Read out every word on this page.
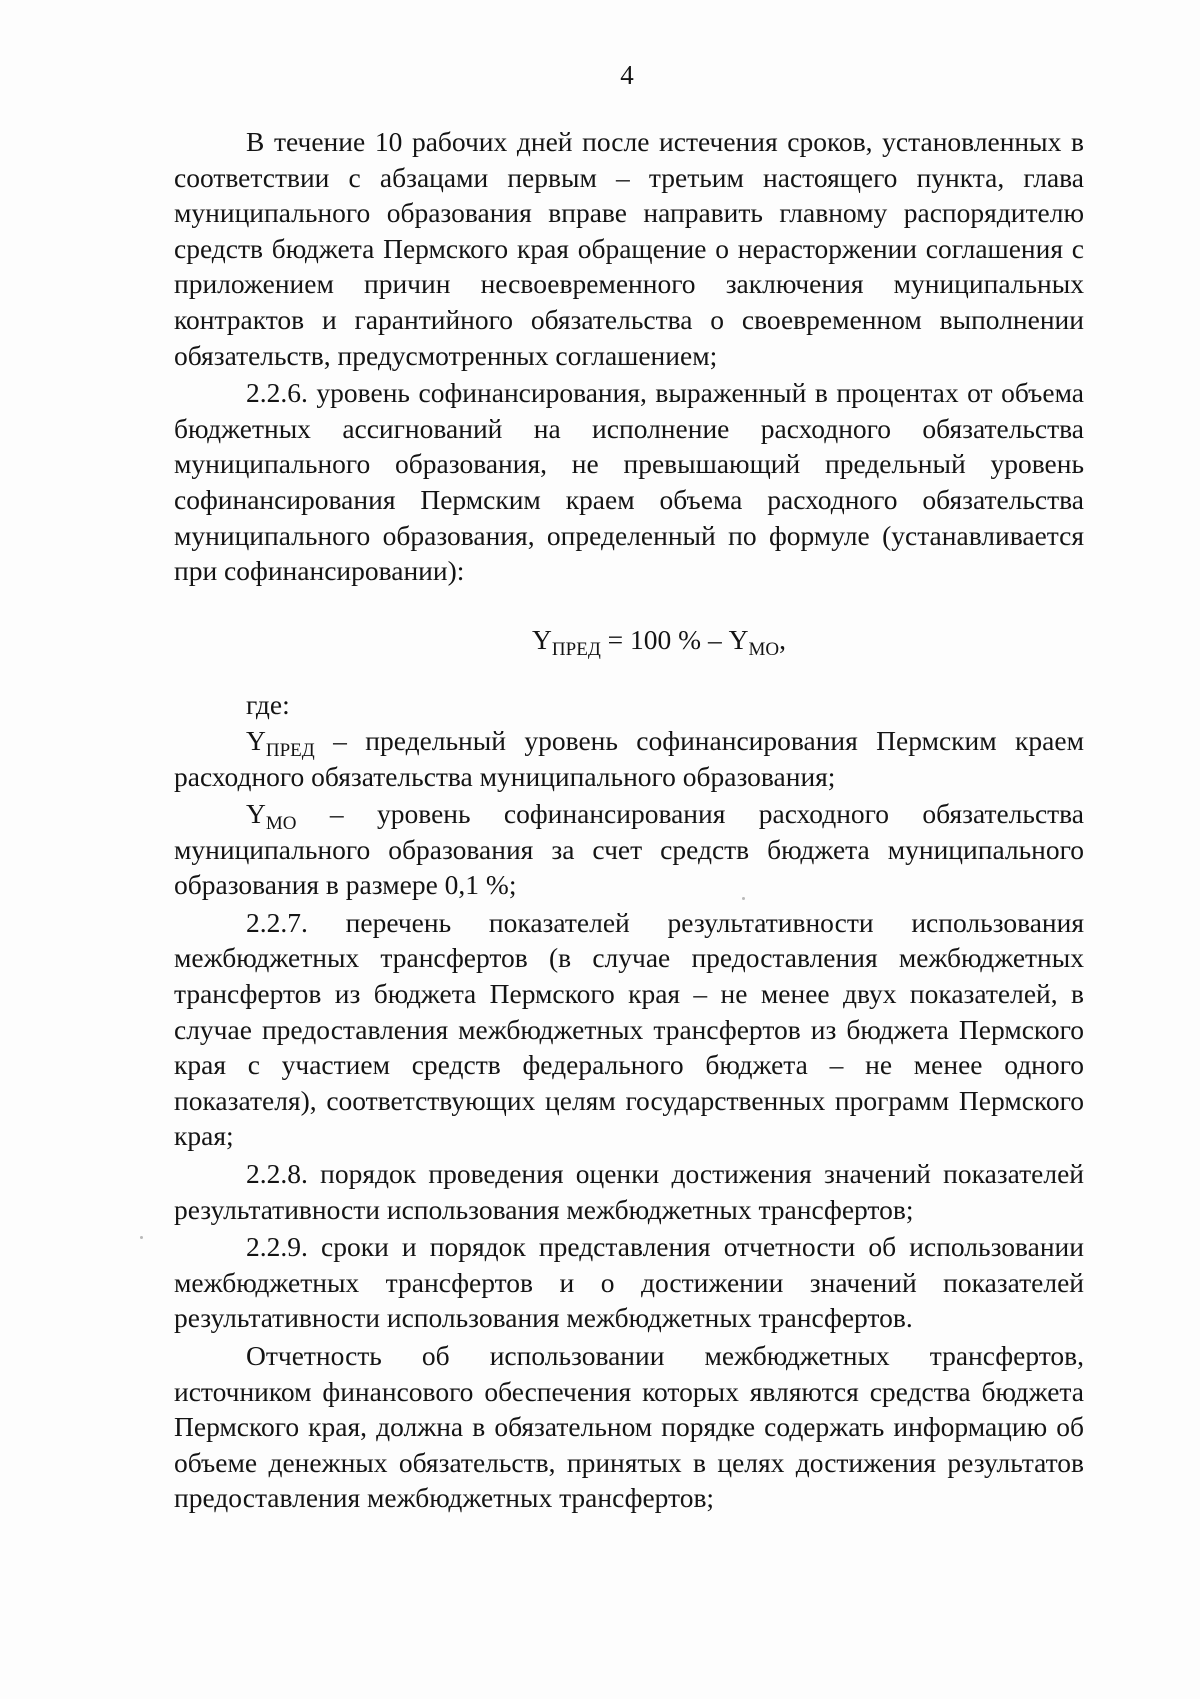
4

В течение 10 рабочих дней после истечения сроков, установленных в соответствии с абзацами первым – третьим настоящего пункта, глава муниципального образования вправе направить главному распорядителю средств бюджета Пермского края обращение о нерасторжении соглашения с приложением причин несвоевременного заключения муниципальных контрактов и гарантийного обязательства о своевременном выполнении обязательств, предусмотренных соглашением;

2.2.6. уровень софинансирования, выраженный в процентах от объема бюджетных ассигнований на исполнение расходного обязательства муниципального образования, не превышающий предельный уровень софинансирования Пермским краем объема расходного обязательства муниципального образования, определенный по формуле (устанавливается при софинансировании):

$Y_{ПРЕД} = 100$ % – $Y_{МО}$,

где:

$Y_{ПРЕД}$ – предельный уровень софинансирования Пермским краем расходного обязательства муниципального образования;

$Y_{МО}$ – уровень софинансирования расходного обязательства муниципального образования за счет средств бюджета муниципального образования в размере 0,1 %;

2.2.7. перечень показателей результативности использования межбюджетных трансфертов (в случае предоставления межбюджетных трансфертов из бюджета Пермского края – не менее двух показателей, в случае предоставления межбюджетных трансфертов из бюджета Пермского края с участием средств федерального бюджета – не менее одного показателя), соответствующих целям государственных программ Пермского края;

2.2.8. порядок проведения оценки достижения значений показателей результативности использования межбюджетных трансфертов;

2.2.9. сроки и порядок представления отчетности об использовании межбюджетных трансфертов и о достижении значений показателей результативности использования межбюджетных трансфертов.

Отчетность об использовании межбюджетных трансфертов, источником финансового обеспечения которых являются средства бюджета Пермского края, должна в обязательном порядке содержать информацию об объеме денежных обязательств, принятых в целях достижения результатов предоставления межбюджетных трансфертов;
